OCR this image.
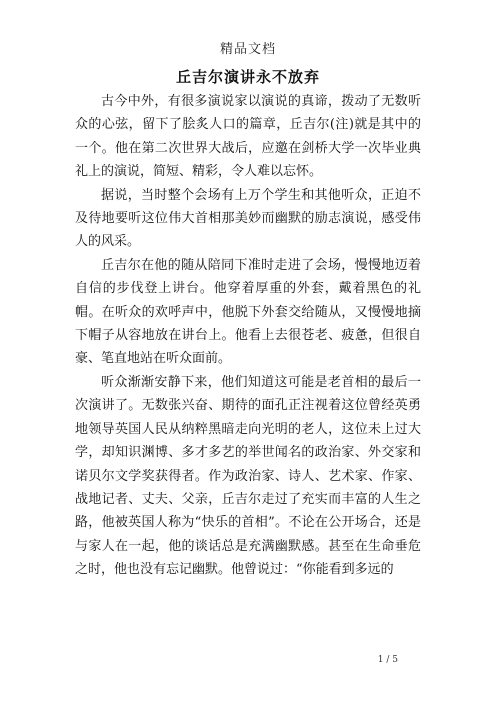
精品文档
丘吉尔演讲永不放弃

古今中外，有很多演说家以演说的真谛，拨动了无数听众的心弦，留下了脍炙人口的篇章，丘吉尔(注)就是其中的一个。他在第二次世界大战后，应邀在剑桥大学一次毕业典礼上的演说，简短、精彩，令人难以忘怀。

据说，当时整个会场有上万个学生和其他听众，正迫不及待地要听这位伟大首相那美妙而幽默的励志演说，感受伟人的风采。

丘吉尔在他的随从陪同下准时走进了会场，慢慢地迈着自信的步伐登上讲台。他穿着厚重的外套，戴着黑色的礼帽。在听众的欢呼声中，他脱下外套交给随从，又慢慢地摘下帽子从容地放在讲台上。他看上去很苍老、疲惫，但很自豪、笔直地站在听众面前。

听众渐渐安静下来，他们知道这可能是老首相的最后一次演讲了。无数张兴奋、期待的面孔正注视着这位曾经英勇地领导英国人民从纳粹黑暗走向光明的老人，这位未上过大学，却知识渊博、多才多艺的举世闻名的政治家、外交家和诺贝尔文学奖获得者。作为政治家、诗人、艺术家、作家、战地记者、丈夫、父亲，丘吉尔走过了充实而丰富的人生之路，他被英国人称为“快乐的首相”。不论在公开场合，还是与家人在一起，他的谈话总是充满幽默感。甚至在生命垂危之时，他也没有忘记幽默。他曾说过：“你能看到多远的

1 / 5
